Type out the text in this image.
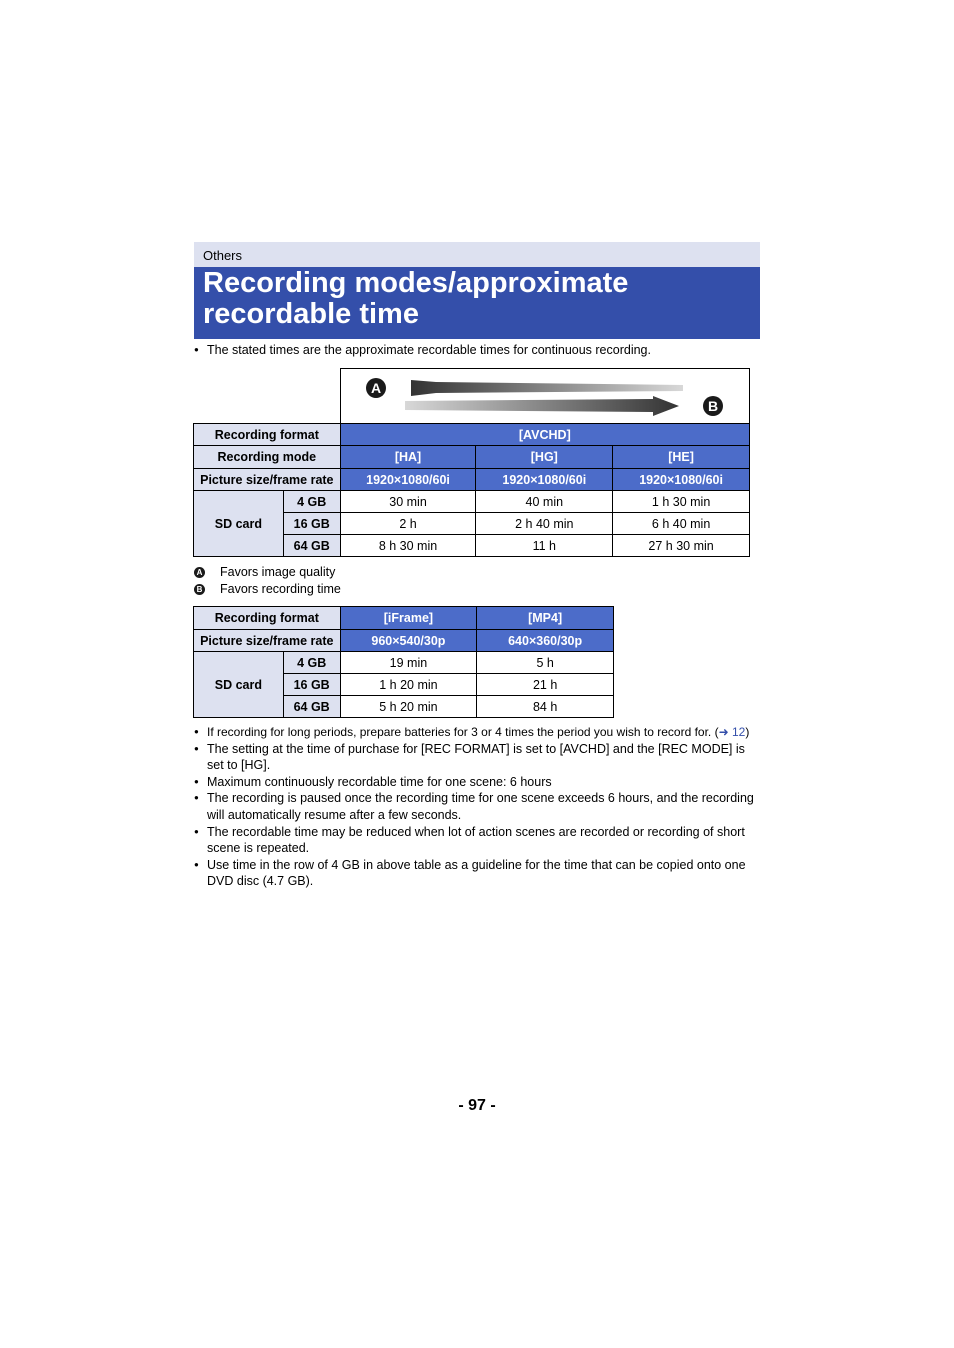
Others
Recording modes/approximate
recordable time
● The stated times are the approximate recordable times for continuous recording.
A
B
Recording format		[AVCHD]		
Recording mode		[HA]	[HG]	[HE]
Picture size/frame rate		1920×1080/60i	1920×1080/60i	1920×1080/60i
SD card	4 GB	30 min	40 min	1 h 30 min
	16 GB	2 h	2 h 40 min	6 h 40 min
	64 GB	8 h 30 min	11 h	27 h 30 min
A Favors image quality
B Favors recording time
Recording format		[iFrame]	[MP4]
Picture size/frame rate		960×540/30p	640×360/30p
SD card	4 GB	19 min	5 h
	16 GB	1 h 20 min	21 h
	64 GB	5 h 20 min	84 h
● If recording for long periods, prepare batteries for 3 or 4 times the period you wish to record for. (➜ 12)
● The setting at the time of purchase for [REC FORMAT] is set to [AVCHD] and the [REC MODE] is set to [HG].
● Maximum continuously recordable time for one scene: 6 hours
● The recording is paused once the recording time for one scene exceeds 6 hours, and the recording will automatically resume after a few seconds.
● The recordable time may be reduced when lot of action scenes are recorded or recording of short scene is repeated.
● Use time in the row of 4 GB in above table as a guideline for the time that can be copied onto one DVD disc (4.7 GB).
- 97 -
